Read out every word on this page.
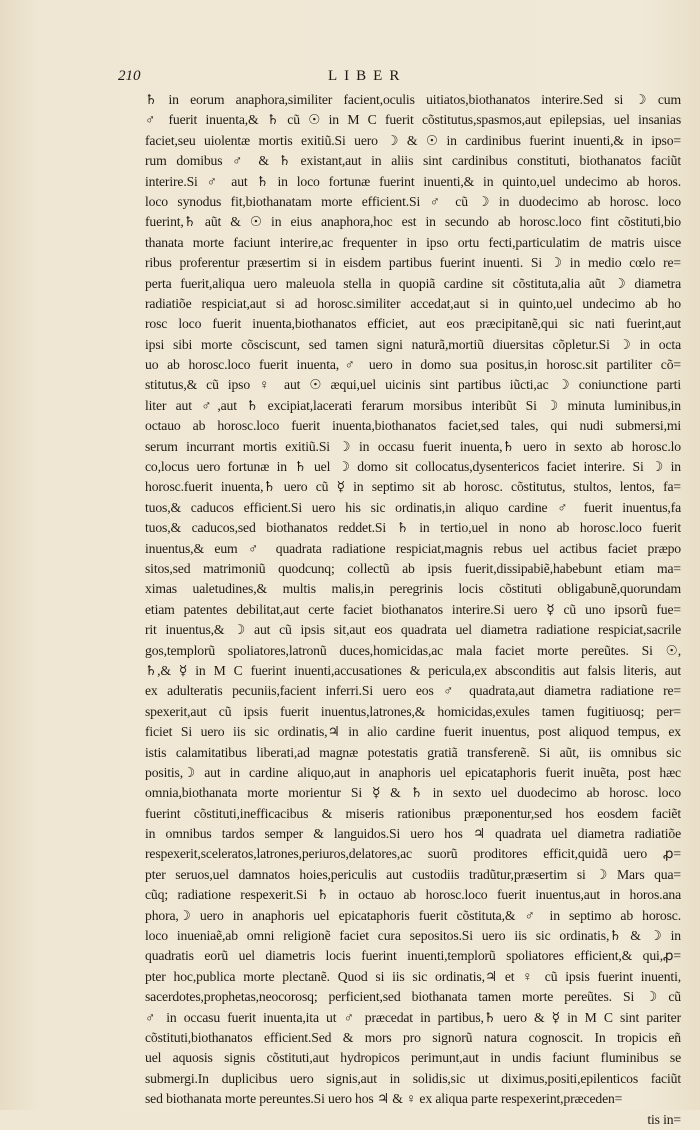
210	LIBER
♄ in eorum anaphora,similiter facient,oculis uitiatos,biothanatos interire.Sed si ☽ cum
♂ fuerit inuenta,& ♄ cũ ☉ in M C fuerit cõstitutus,spasmos,aut epilepsias, uel insanias
faciet,seu uiolentæ mortis exitiũ.Si uero ☽ & ☉ in cardinibus fuerint inuenti,& in ipso=
rum domibus ♂ & ♄ existant,aut in aliis sint cardinibus constituti, biothanatos faciũt
interire.Si ♂ aut ♄ in loco fortunæ fuerint inuenti,& in quinto,uel undecimo ab horos.
loco synodus fit,biothanatam morte efficient.Si ♂ cũ ☽ in duodecimo ab horosc. loco
fuerint,♄ aũt & ☉ in eius anaphora,hoc est in secundo ab horosc.loco fint cõstituti,bio
thanata morte faciunt interire,ac frequenter in ipso ortu fecti,particulatim de matris uisce
ribus proferentur præsertim si in eisdem partibus fuerint inuenti. Si ☽ in medio cœlo re=
perta fuerit,aliqua uero maleuola stella in quopiã cardine sit cõstituta,alia aũt ☽ diametra
radiatiõe respiciat,aut si ad horosc.similiter accedat,aut si in quinto,uel undecimo ab ho
rosc loco fuerit inuenta,biothanatos efficiet, aut eos præcipitanẽ,qui sic nati fuerint,aut
ipsi sibi morte cõsciscunt, sed tamen signi naturã,mortiũ diuersitas cõpletur.Si ☽ in octa
uo ab horosc.loco fuerit inuenta,♂ uero in domo sua positus,in horosc.sit partiliter cõ=
stitutus,& cũ ipso ♀ aut ☉ æqui,uel uicinis sint partibus iũcti,ac ☽ coniunctione parti
liter aut ♂,aut ♄ excipiat,lacerati ferarum morsibus interibũt Si ☽ minuta luminibus,in
octauo ab horosc.loco fuerit inuenta,biothanatos faciet,sed tales, qui nudi submersi,mi
serum incurrant mortis exitiũ.Si ☽ in occasu fuerit inuenta,♄ uero in sexto ab horosc.lo
co,locus uero fortunæ in ♄ uel ☽ domo sit collocatus,dysentericos faciet interire. Si ☽ in
horosc.fuerit inuenta,♄ uero cũ ☿ in septimo sit ab horosc. cõstitutus, stultos, lentos, fa=
tuos,& caducos efficient.Si uero his sic ordinatis,in aliquo cardine ♂ fuerit inuentus,fa
tuos,& caducos,sed biothanatos reddet.Si ♄ in tertio,uel in nono ab horosc.loco fuerit
inuentus,& eum ♂ quadrata radiatione respiciat,magnis rebus uel actibus faciet præpo
sitos,sed matrimoniũ quodcunq; collectũ ab ipsis fuerit,dissipabiẽ,habebunt etiam ma=
ximas ualetudines,& multis malis,in peregrinis locis cõstituti obligabunẽ,quorundam
etiam patentes debilitat,aut certe faciet biothanatos interire.Si uero ☿ cũ uno ipsorũ fue=
rit inuentus,& ☽ aut cũ ipsis sit,aut eos quadrata uel diametra radiatione respiciat,sacrile
gos,templorũ spoliatores,latronũ duces,homicidas,ac mala faciet morte pereũtes. Si ☉,
♄,& ☿ in M C fuerint inuenti,accusationes & pericula,ex absconditis aut falsis literis, aut
ex adulteratis pecuniis,facient inferri.Si uero eos ♂ quadrata,aut diametra radiatione re=
spexerit,aut cũ ipsis fuerit inuentus,latrones,& homicidas,exules tamen fugitiuosq; per=
ficiet Si uero iis sic ordinatis,♃ in alio cardine fuerit inuentus, post aliquod tempus, ex
istis calamitatibus liberati,ad magnæ potestatis gratiã transferenẽ. Si aũt, iis omnibus sic
positis,☽ aut in cardine aliquo,aut in anaphoris uel epicataphoris fuerit inuẽta, post hæc
omnia,biothanata morte morientur Si ☿ & ♄ in sexto uel duodecimo ab horosc. loco
fuerint cõstituti,inefficacibus & miseris rationibus præponentur,sed hos eosdem faciẽt
in omnibus tardos semper & languidos.Si uero hos ♃ quadrata uel diametra radiatiõe
respexerit,sceleratos,latrones,periuros,delatores,ac suorũ proditores efficit,quidã uero ꝓ=
pter seruos,uel damnatos hoies,periculis aut custodiis tradũtur,præsertim si ☽ Mars qua=
cũq; radiatione respexerit.Si ♄ in octauo ab horosc.loco fuerit inuentus,aut in horos.ana
phora,☽ uero in anaphoris uel epicataphoris fuerit cõstituta,& ♂ in septimo ab horosc.
loco inueniaẽ,ab omni religionẽ faciet cura sepositos.Si uero iis sic ordinatis,♄ & ☽ in
quadratis eorũ uel diametris locis fuerint inuenti,templorũ spoliatores efficient,& qui,ꝓ=
pter hoc,publica morte plectanẽ. Quod si iis sic ordinatis,♃ et ♀ cũ ipsis fuerint inuenti,
sacerdotes,prophetas,neocorosq; perficient,sed biothanata tamen morte pereũtes. Si ☽ cũ
♂ in occasu fuerit inuenta,ita ut ♂ præcedat in partibus,♄ uero & ☿ in M C sint pariter
cõstituti,biothanatos efficient.Sed & mors pro signorũ natura cognoscit. In tropicis eñ
uel aquosis signis cõstituti,aut hydropicos perimunt,aut in undis faciunt fluminibus se
submergi.In duplicibus uero signis,aut in solidis,sic ut diximus,positi,epilenticos faciũt
sed biothanata morte pereuntes.Si uero hos ♃ & ♀ ex aliqua parte respexerint,præceden=
tis in=
